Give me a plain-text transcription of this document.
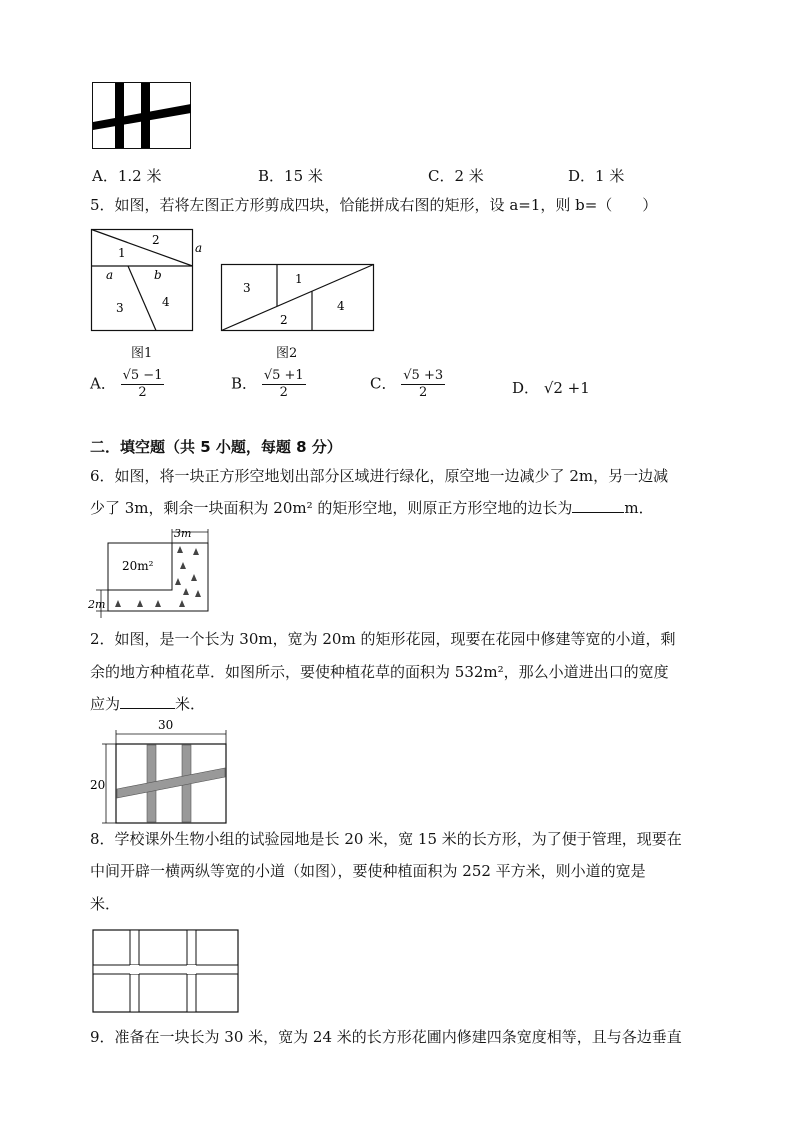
A．1.2 米	B．15 米	C．2 米	D．1 米
5．如图，若将左图正方形剪成四块，恰能拼成右图的矩形，设 a=1，则 b=（　　）
1
2
a
a	b
3	4
3
1
4
2
图1	图2
A． $\frac{√5 -1}{2}$	B． $\frac{√5 +1}{2}$	C． $\frac{√5 +3}{2}$	D． √2 +1
二．填空题（共 5 小题，每题 8 分）
6．如图，将一块正方形空地划出部分区域进行绿化，原空地一边减少了 2m，另一边减
少了 3m，剩余一块面积为 20m² 的矩形空地，则原正方形空地的边长为	m．
3m
20m²
2m
2．如图，是一个长为 30m，宽为 20m 的矩形花园，现要在花园中修建等宽的小道，剩
余的地方种植花草．如图所示，要使种植花草的面积为 532m²，那么小道进出口的宽度
应为	米．
30
20
8．学校课外生物小组的试验园地是长 20 米，宽 15 米的长方形，为了便于管理，现要在
中间开辟一横两纵等宽的小道（如图），要使种植面积为 252 平方米，则小道的宽是
米．
9．准备在一块长为 30 米，宽为 24 米的长方形花圃内修建四条宽度相等，且与各边垂直
